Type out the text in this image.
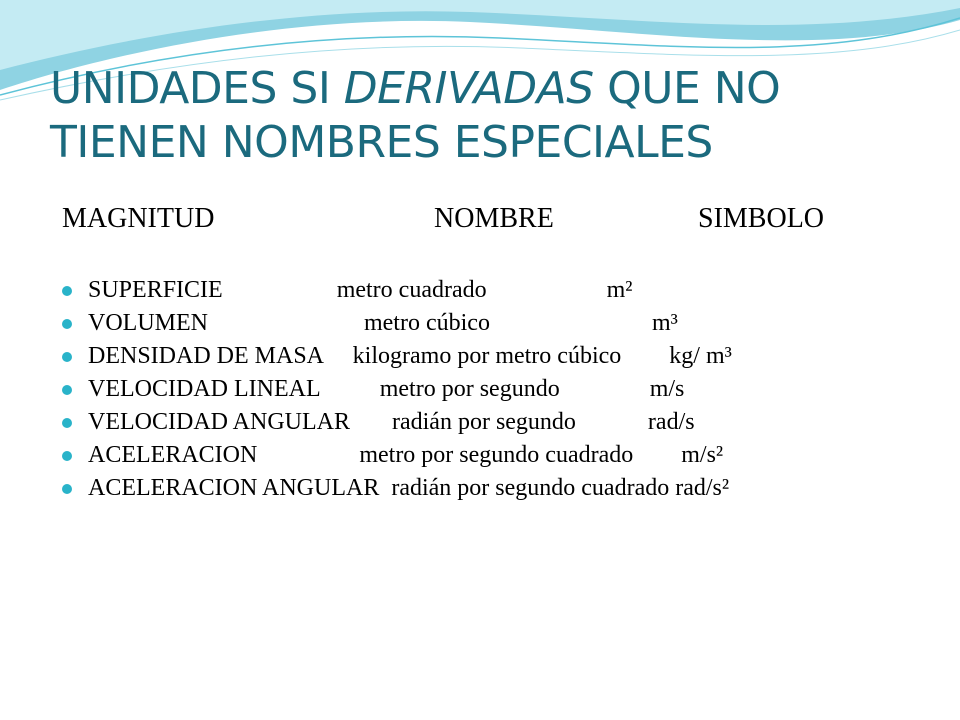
UNIDADES SI DERIVADAS QUE NO TIENEN NOMBRES ESPECIALES
MAGNITUD	NOMBRE	SIMBOLO
SUPERFICIE                   metro cuadrado                    m²
VOLUMEN                          metro cúbico                           m³
DENSIDAD DE MASA     kilogramo por metro cúbico        kg/ m³
VELOCIDAD LINEAL          metro por segundo               m/s
VELOCIDAD ANGULAR       radián por segundo            rad/s
ACELERACION                 metro por segundo cuadrado        m/s²
ACELERACION ANGULAR  radián por segundo cuadrado rad/s²
